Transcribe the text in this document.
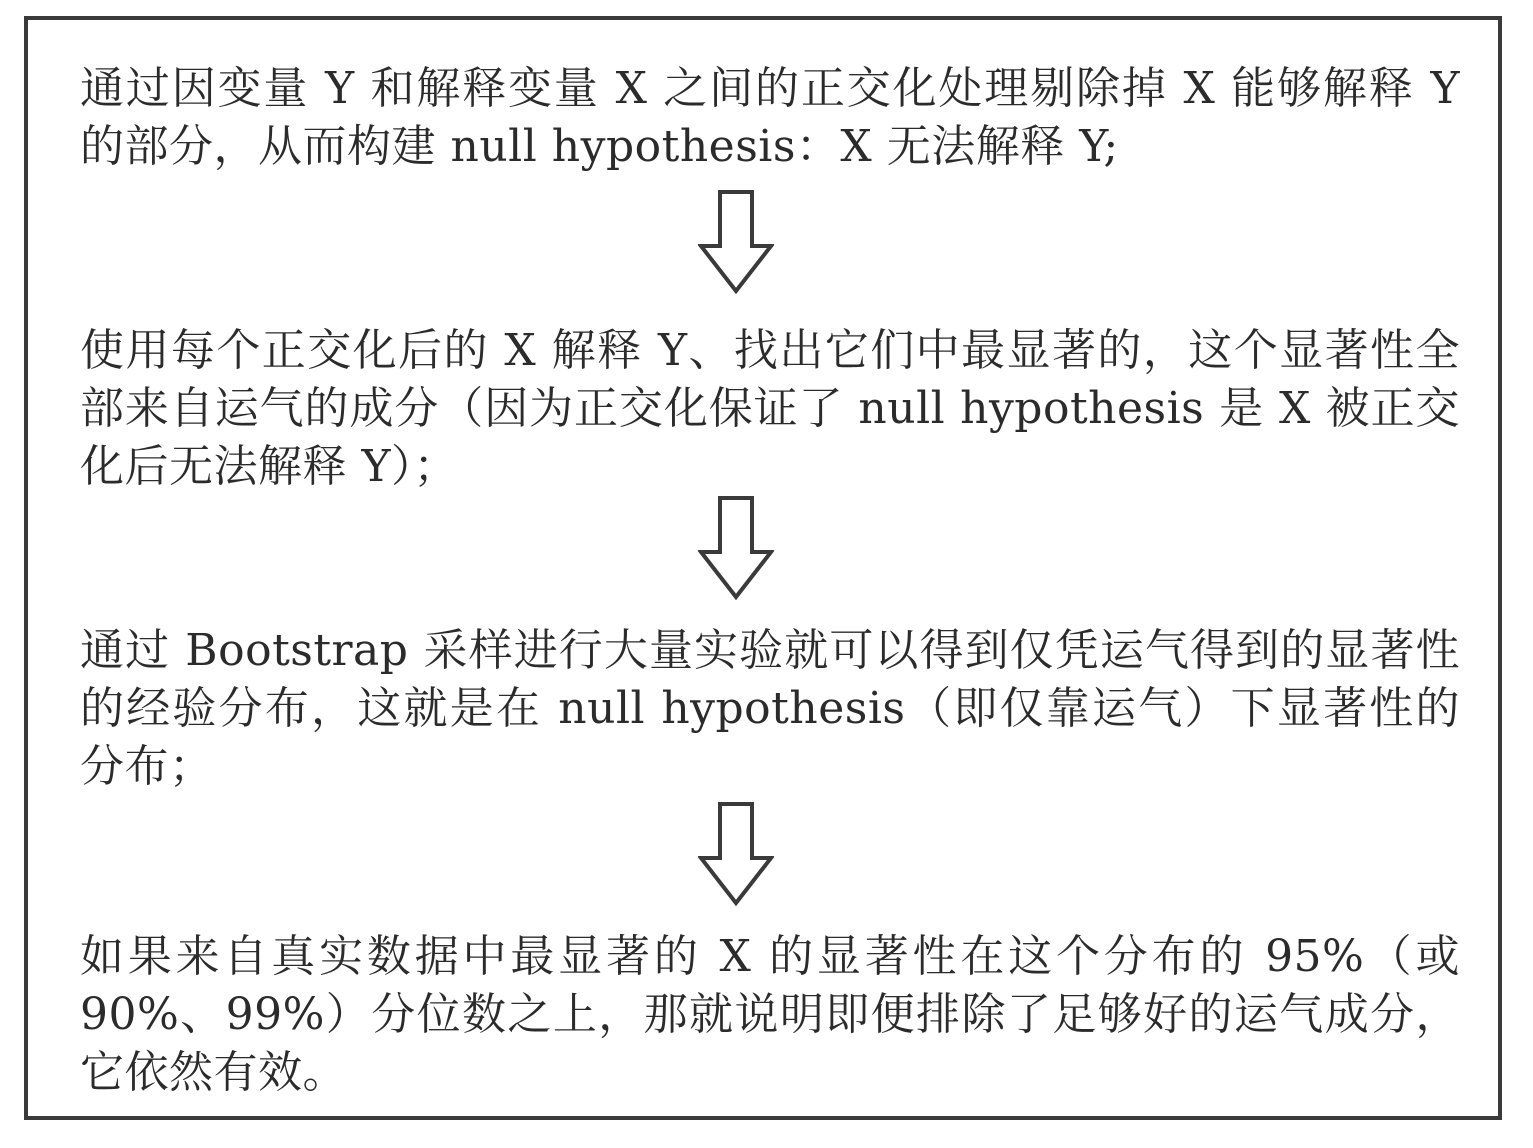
通过因变量 Y 和解释变量 X 之间的正交化处理剔除掉 X 能够解释 Y 的部分，从而构建 null hypothesis：X 无法解释 Y;

使用每个正交化后的 X 解释 Y、找出它们中最显著的，这个显著性全部来自运气的成分（因为正交化保证了 null hypothesis 是 X 被正交化后无法解释 Y）；

通过 Bootstrap 采样进行大量实验就可以得到仅凭运气得到的显著性的经验分布，这就是在 null hypothesis（即仅靠运气）下显著性的分布；

如果来自真实数据中最显著的 X 的显著性在这个分布的 95%（或 90%、99%）分位数之上，那就说明即便排除了足够好的运气成分，它依然有效。
